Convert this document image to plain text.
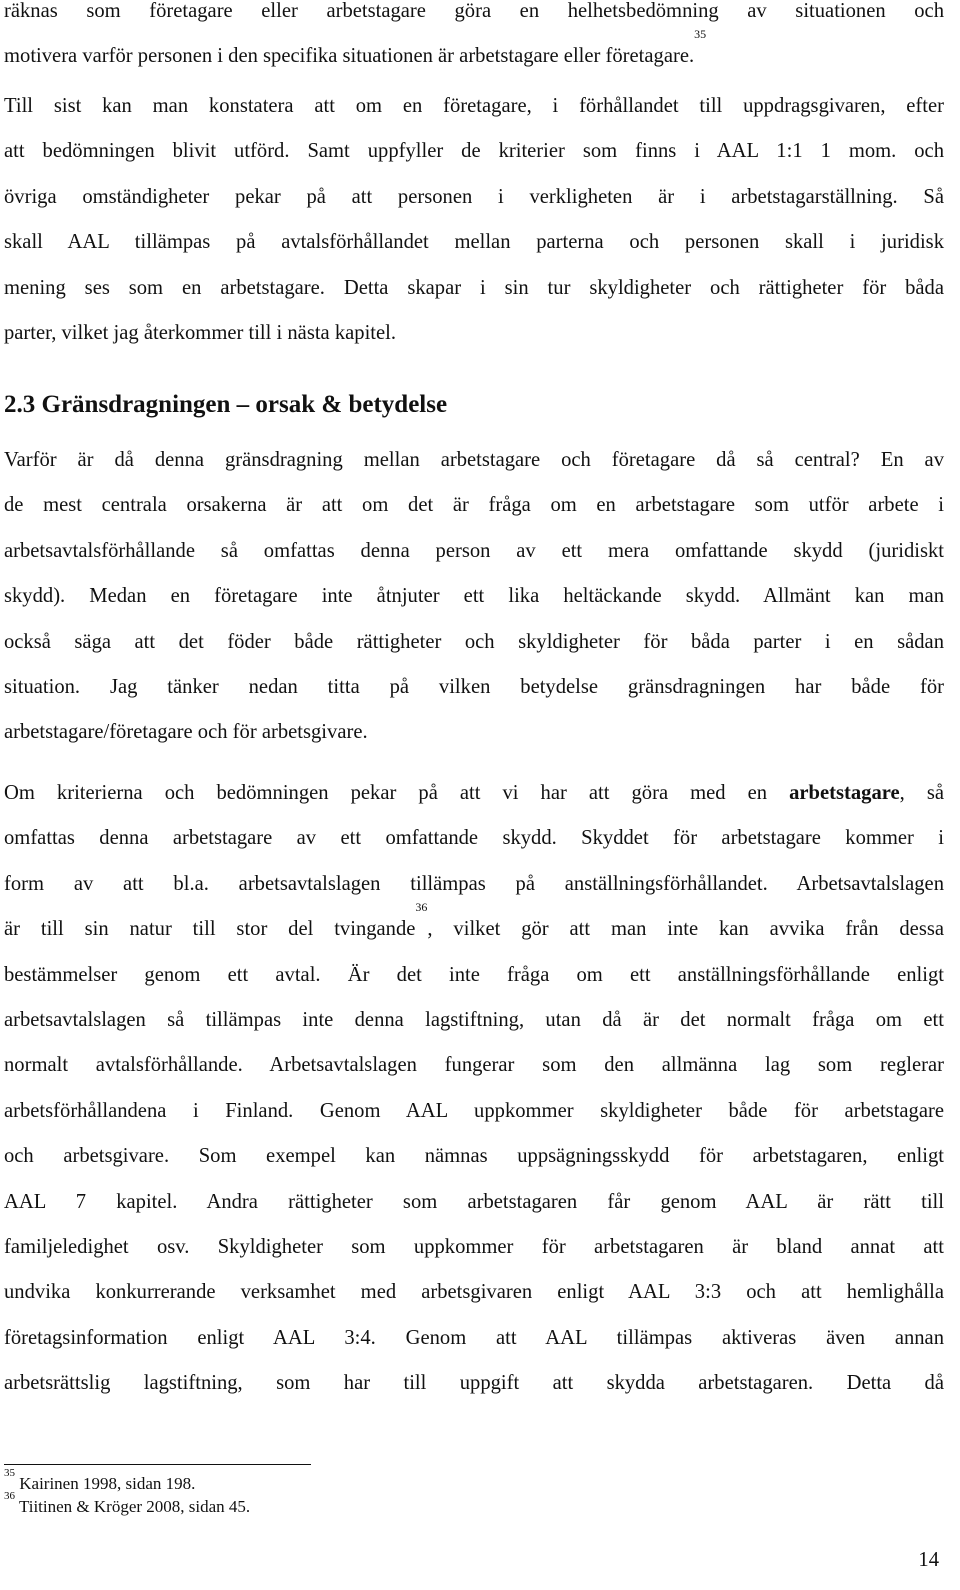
räknas som företagare eller arbetstagare göra en helhetsbedömning av situationen och
motivera varför personen i den specifika situationen är arbetstagare eller företagare.$^{35}$
Till sist kan man konstatera att om en företagare, i förhållandet till uppdragsgivaren, efter
att bedömningen blivit utförd. Samt uppfyller de kriterier som finns i AAL 1:1 1 mom. och
övriga omständigheter pekar på att personen i verkligheten är i arbetstagarställning. Så
skall AAL tillämpas på avtalsförhållandet mellan parterna och personen skall i juridisk
mening ses som en arbetstagare. Detta skapar i sin tur skyldigheter och rättigheter för båda
parter, vilket jag återkommer till i nästa kapitel.
2.3 Gränsdragningen – orsak & betydelse
Varför är då denna gränsdragning mellan arbetstagare och företagare då så central? En av
de mest centrala orsakerna är att om det är fråga om en arbetstagare som utför arbete i
arbetsavtalsförhållande så omfattas denna person av ett mera omfattande skydd (juridiskt
skydd). Medan en företagare inte åtnjuter ett lika heltäckande skydd. Allmänt kan man
också säga att det föder både rättigheter och skyldigheter för båda parter i en sådan
situation. Jag tänker nedan titta på vilken betydelse gränsdragningen har både för
arbetstagare/företagare och för arbetsgivare.
Om kriterierna och bedömningen pekar på att vi har att göra med en arbetstagare, så
omfattas denna arbetstagare av ett omfattande skydd. Skyddet för arbetstagare kommer i
form av att bl.a. arbetsavtalslagen tillämpas på anställningsförhållandet. Arbetsavtalslagen
är till sin natur till stor del tvingande$^{36}$, vilket gör att man inte kan avvika från dessa
bestämmelser genom ett avtal. Är det inte fråga om ett anställningsförhållande enligt
arbetsavtalslagen så tillämpas inte denna lagstiftning, utan då är det normalt fråga om ett
normalt avtalsförhållande. Arbetsavtalslagen fungerar som den allmänna lag som reglerar
arbetsförhållandena i Finland. Genom AAL uppkommer skyldigheter både för arbetstagare
och arbetsgivare. Som exempel kan nämnas uppsägningsskydd för arbetstagaren, enligt
AAL 7 kapitel. Andra rättigheter som arbetstagaren får genom AAL är rätt till
familjeledighet osv. Skyldigheter som uppkommer för arbetstagaren är bland annat att
undvika konkurrerande verksamhet med arbetsgivaren enligt AAL 3:3 och att hemlighålla
företagsinformation enligt AAL 3:4. Genom att AAL tillämpas aktiveras även annan
arbetsrättslig lagstiftning, som har till uppgift att skydda arbetstagaren. Detta då
$^{35}$ Kairinen 1998, sidan 198.
$^{36}$ Tiitinen & Kröger 2008, sidan 45.
14
